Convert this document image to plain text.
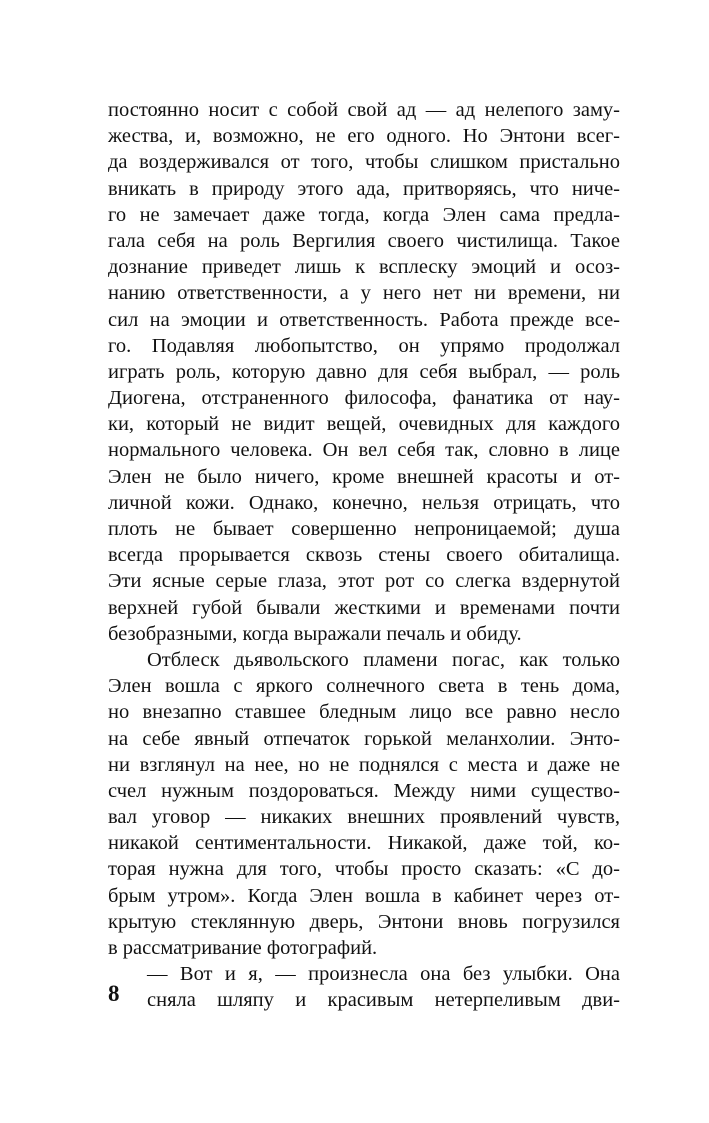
постоянно носит с собой свой ад — ад нелепого заму-
жества, и, возможно, не его одного. Но Энтони всег-
да воздерживался от того, чтобы слишком пристально
вникать в природу этого ада, притворяясь, что ниче-
го не замечает даже тогда, когда Элен сама предла-
гала себя на роль Вергилия своего чистилища. Такое
дознание приведет лишь к всплеску эмоций и осоз-
нанию ответственности, а у него нет ни времени, ни
сил на эмоции и ответственность. Работа прежде все-
го. Подавляя любопытство, он упрямо продолжал
играть роль, которую давно для себя выбрал, — роль
Диогена, отстраненного философа, фанатика от нау-
ки, который не видит вещей, очевидных для каждого
нормального человека. Он вел себя так, словно в лице
Элен не было ничего, кроме внешней красоты и от-
личной кожи. Однако, конечно, нельзя отрицать, что
плоть не бывает совершенно непроницаемой; душа
всегда прорывается сквозь стены своего обиталища.
Эти ясные серые глаза, этот рот со слегка вздернутой
верхней губой бывали жесткими и временами почти
безобразными, когда выражали печаль и обиду.
Отблеск дьявольского пламени погас, как только
Элен вошла с яркого солнечного света в тень дома,
но внезапно ставшее бледным лицо все равно несло
на себе явный отпечаток горькой меланхолии. Энто-
ни взглянул на нее, но не поднялся с места и даже не
счел нужным поздороваться. Между ними существо-
вал уговор — никаких внешних проявлений чувств,
никакой сентиментальности. Никакой, даже той, ко-
торая нужна для того, чтобы просто сказать: «С до-
брым утром». Когда Элен вошла в кабинет через от-
крытую стеклянную дверь, Энтони вновь погрузился
в рассматривание фотографий.
— Вот и я, — произнесла она без улыбки. Она
сняла шляпу и красивым нетерпеливым дви-
8
